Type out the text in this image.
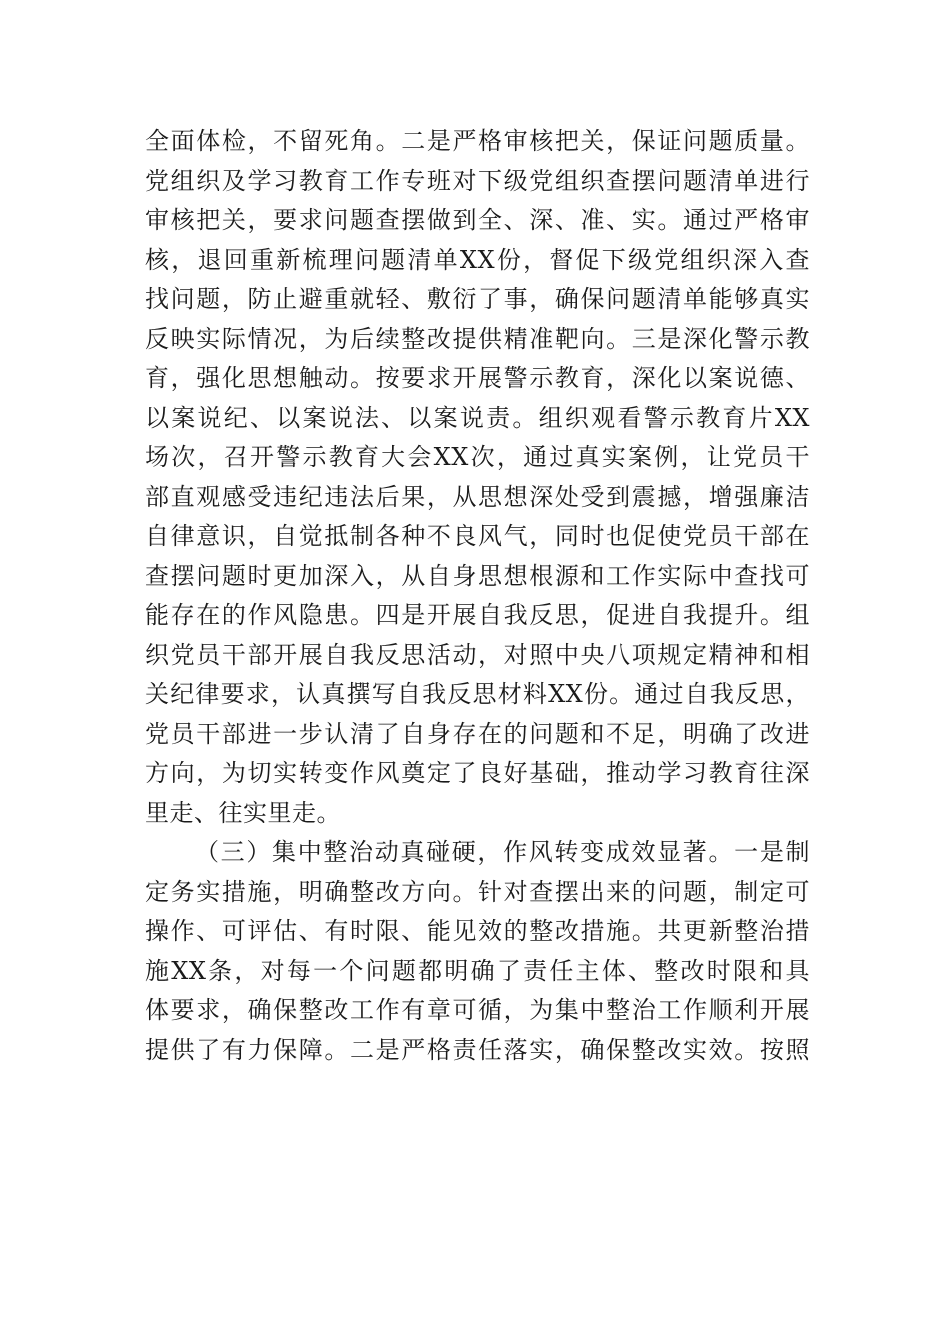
全面体检，不留死角。二是严格审核把关，保证问题质量。
党组织及学习教育工作专班对下级党组织查摆问题清单进行
审核把关，要求问题查摆做到全、深、准、实。通过严格审
核，退回重新梳理问题清单XX份，督促下级党组织深入查
找问题，防止避重就轻、敷衍了事，确保问题清单能够真实
反映实际情况，为后续整改提供精准靶向。三是深化警示教
育，强化思想触动。按要求开展警示教育，深化以案说德、
以案说纪、以案说法、以案说责。组织观看警示教育片XX
场次，召开警示教育大会XX次，通过真实案例，让党员干
部直观感受违纪违法后果，从思想深处受到震撼，增强廉洁
自律意识，自觉抵制各种不良风气，同时也促使党员干部在
查摆问题时更加深入，从自身思想根源和工作实际中查找可
能存在的作风隐患。四是开展自我反思，促进自我提升。组
织党员干部开展自我反思活动，对照中央八项规定精神和相
关纪律要求，认真撰写自我反思材料XX份。通过自我反思，
党员干部进一步认清了自身存在的问题和不足，明确了改进
方向，为切实转变作风奠定了良好基础，推动学习教育往深
里走、往实里走。
（三）集中整治动真碰硬，作风转变成效显著。一是制
定务实措施，明确整改方向。针对查摆出来的问题，制定可
操作、可评估、有时限、能见效的整改措施。共更新整治措
施XX条，对每一个问题都明确了责任主体、整改时限和具
体要求，确保整改工作有章可循，为集中整治工作顺利开展
提供了有力保障。二是严格责任落实，确保整改实效。按照
